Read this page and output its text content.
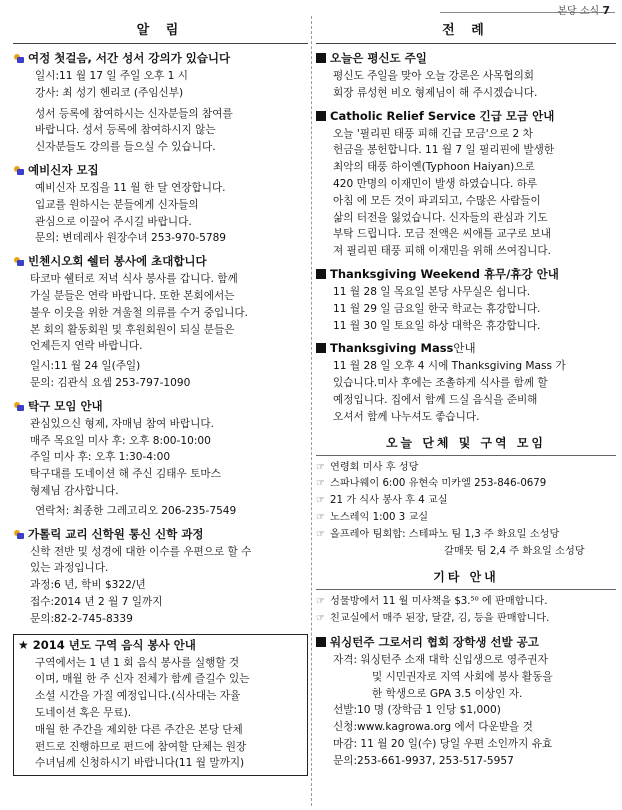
본당 소식 7
알 림
여정 첫걸음, 서간 성서 강의가 있습니다
일시:11 월 17 일 주일 오후 1 시
강사: 최 성기 헨리코 (주임신부)
성서 등록에 참여하시는 신자분들의 참여를
바랍니다. 성서 등록에 참여하시지 않는
신자분들도 강의를 들으실 수 있습니다.
예비신자 모집
예비신자 모집을 11 월 한 달 연장합니다.
입교를 원하시는 분들에게 신자들의
관심으로 이끌어 주시길 바랍니다.
문의: 변데레사 원장수녀 253-970-5789
빈첸시오회 쉘터 봉사에 초대합니다
타코마 쉘터로 저녁 식사 봉사를 갑니다. 함께
가실 분들은 연락 바랍니다. 또한 본회에서는
불우 이웃을 위한 겨울철 의류를 수거 중입니다.
본 회의 활동회원 및 후원회원이 되실 분들은
언제든지 연락 바랍니다.
일시:11 월 24 일(주일)
문의: 김관식 요셉 253-797-1090
탁구 모임 안내
관심있으신 형제, 자매님 참여 바랍니다.
매주 목요일 미사 후: 오후 8:00-10:00
주일 미사 후: 오후 1:30-4:00
탁구대를 도네이션 해 주신 김태우 토마스
형제님 감사합니다.
연락처: 최종한 그레고리오 206-235-7549
가톨릭 교리 신학원 통신 신학 과정
신학 전반 및 성경에 대한 이수를 우편으로 할 수
있는 과정입니다.
과정:6 년, 학비 $322/년
접수:2014 년 2 월 7 일까지
문의:82-2-745-8339
★ 2014 년도 구역 음식 봉사 안내
구역에서는 1 년 1 회 음식 봉사를 실행할 것
이며, 매월 한 주 신자 전체가 함께 즐길수 있는
소셜 시간을 가질 예정입니다.(식사대는 자율
도네이션 혹은 무료).
매월 한 주간을 제외한 다른 주간은 본당 단체
펀드로 진행하므로 펀드에 참여할 단체는 원장
수녀님께 신청하시기 바랍니다(11 월 말까지)
전 례
오늘은 평신도 주일
평신도 주일을 맞아 오늘 강론은 사목협의회
회장 류성현 비오 형제님이 해 주시겠습니다.
Catholic Relief Service 긴급 모금 안내
오늘 '필리핀 태풍 피해 긴급 모금'으로 2 차
헌금을 봉헌합니다. 11 월 7 일 필리핀에 발생한
최악의 태풍 하이옌(Typhoon Haiyan)으로
420 만명의 이재민이 발생 하였습니다. 하루
아침 에 모든 것이 파괴되고, 수많은 사람들이
삶의 터전을 잃었습니다. 신자들의 관심과 기도
부탁 드립니다. 모금 전액은 씨애틀 교구로 보내
져 필리핀 태풍 피해 이재민을 위해 쓰여집니다.
Thanksgiving Weekend 휴무/휴강 안내
11 월 28 일 목요일 본당 사무실은 쉽니다.
11 월 29 일 금요일 한국 학교는 휴강합니다.
11 월 30 일 토요일 하상 대학은 휴강합니다.
Thanksgiving Mass 안내
11 월 28 일 오후 4 시에 Thanksgiving Mass 가
있습니다.미사 후에는 조촐하게 식사를 함께 할
예정입니다. 집에서 함께 드실 음식을 준비해
오셔서 함께 나누셔도 좋습니다.
오늘 단체 및 구역 모임
☞ 연령회 미사 후 성당
☞ 스파나웨이 6:00 유현숙 미카엘 253-846-0679
☞ 21 가 식사 봉사 후 4 교실
☞ 노스레익 1:00 3 교실
☞ 올프레아 팀회합: 스테파노 팀 1,3 주 화요일 소성당
갈매못 팀 2,4 주 화요일 소성당
기타 안내
☞ 성물방에서 11 월 미사책을 $3.⁵⁰ 에 판매합니다.
☞ 친교실에서 매주 된장, 달걀, 김, 등을 판매합니다.
워싱턴주 그로서리 협회 장학생 선발 공고
자격: 워싱턴주 소재 대학 신입생으로 영주권자
및 시민권자로 지역 사회에 봉사 활동을
한 학생으로 GPA 3.5 이상인 자.
선발:10 명 (장학금 1 인당 $1,000)
신청:www.kagrowa.org 에서 다운받을 것
마감: 11 월 20 일(수) 당일 우편 소인까지 유효
문의:253-661-9937, 253-517-5957
